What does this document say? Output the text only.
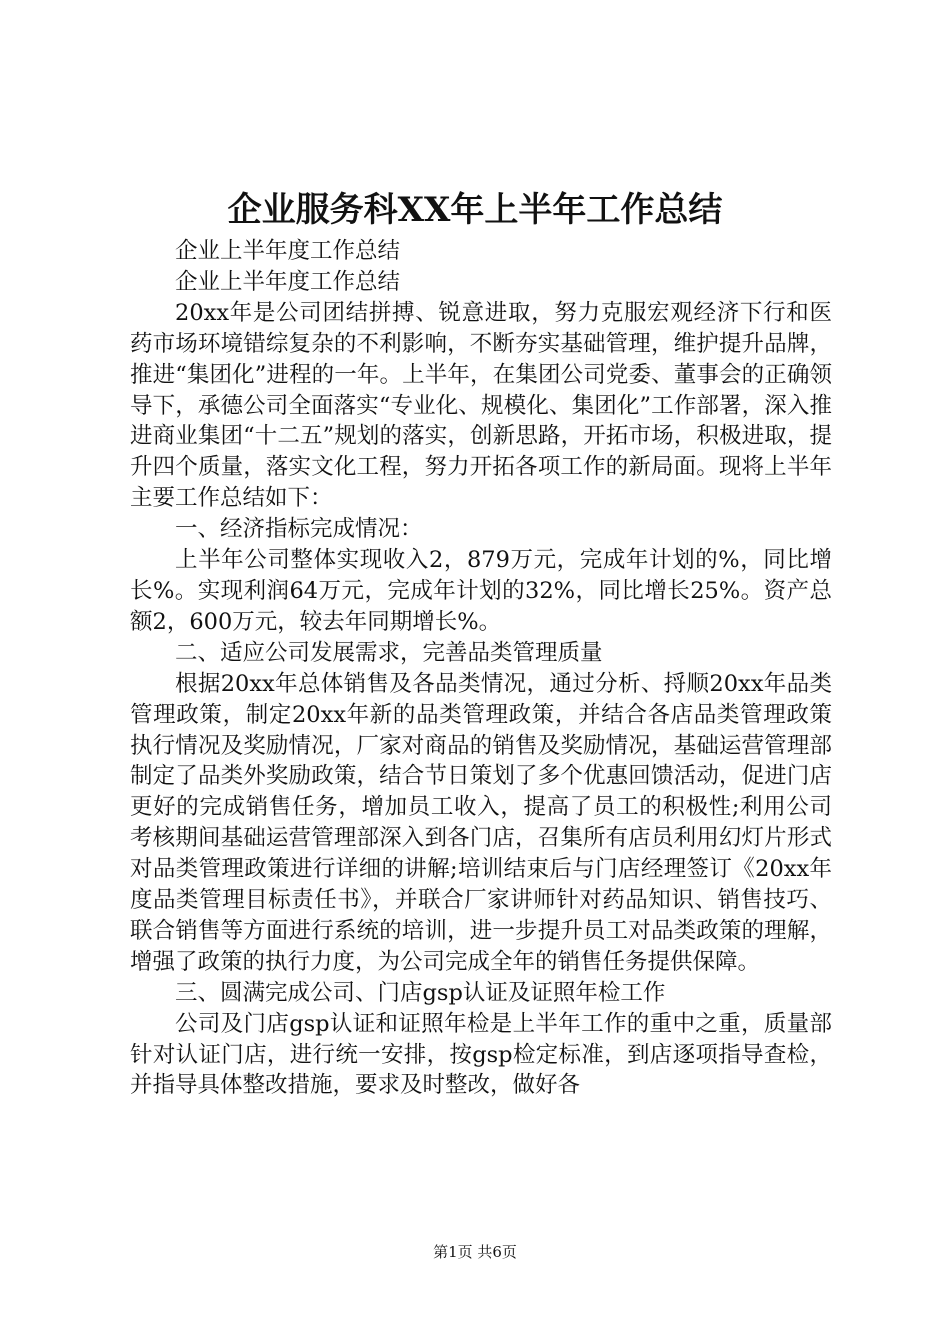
企业服务科XX年上半年工作总结

企业上半年度工作总结

企业上半年度工作总结

20xx年是公司团结拼搏、锐意进取，努力克服宏观经济下行和医药市场环境错综复杂的不利影响，不断夯实基础管理，维护提升品牌，推进“集团化”进程的一年。上半年，在集团公司党委、董事会的正确领导下，承德公司全面落实“专业化、规模化、集团化”工作部署，深入推进商业集团“十二五”规划的落实，创新思路，开拓市场，积极进取，提升四个质量，落实文化工程，努力开拓各项工作的新局面。现将上半年主要工作总结如下：

一、经济指标完成情况：

上半年公司整体实现收入2，879万元，完成年计划的%，同比增长%。实现利润64万元，完成年计划的32%，同比增长25%。资产总额2，600万元，较去年同期增长%。

二、适应公司发展需求，完善品类管理质量

根据20xx年总体销售及各品类情况，通过分析、捋顺20xx年品类管理政策，制定20xx年新的品类管理政策，并结合各店品类管理政策执行情况及奖励情况，厂家对商品的销售及奖励情况，基础运营管理部制定了品类外奖励政策，结合节日策划了多个优惠回馈活动，促进门店更好的完成销售任务，增加员工收入，提高了员工的积极性;利用公司考核期间基础运营管理部深入到各门店，召集所有店员利用幻灯片形式对品类管理政策进行详细的讲解;培训结束后与门店经理签订《20xx年度品类管理目标责任书》，并联合厂家讲师针对药品知识、销售技巧、联合销售等方面进行系统的培训，进一步提升员工对品类政策的理解，增强了政策的执行力度，为公司完成全年的销售任务提供保障。

三、圆满完成公司、门店gsp认证及证照年检工作

公司及门店gsp认证和证照年检是上半年工作的重中之重，质量部针对认证门店，进行统一安排，按gsp检定标准，到店逐项指导查检，并指导具体整改措施，要求及时整改，做好各

第1页 共6页
